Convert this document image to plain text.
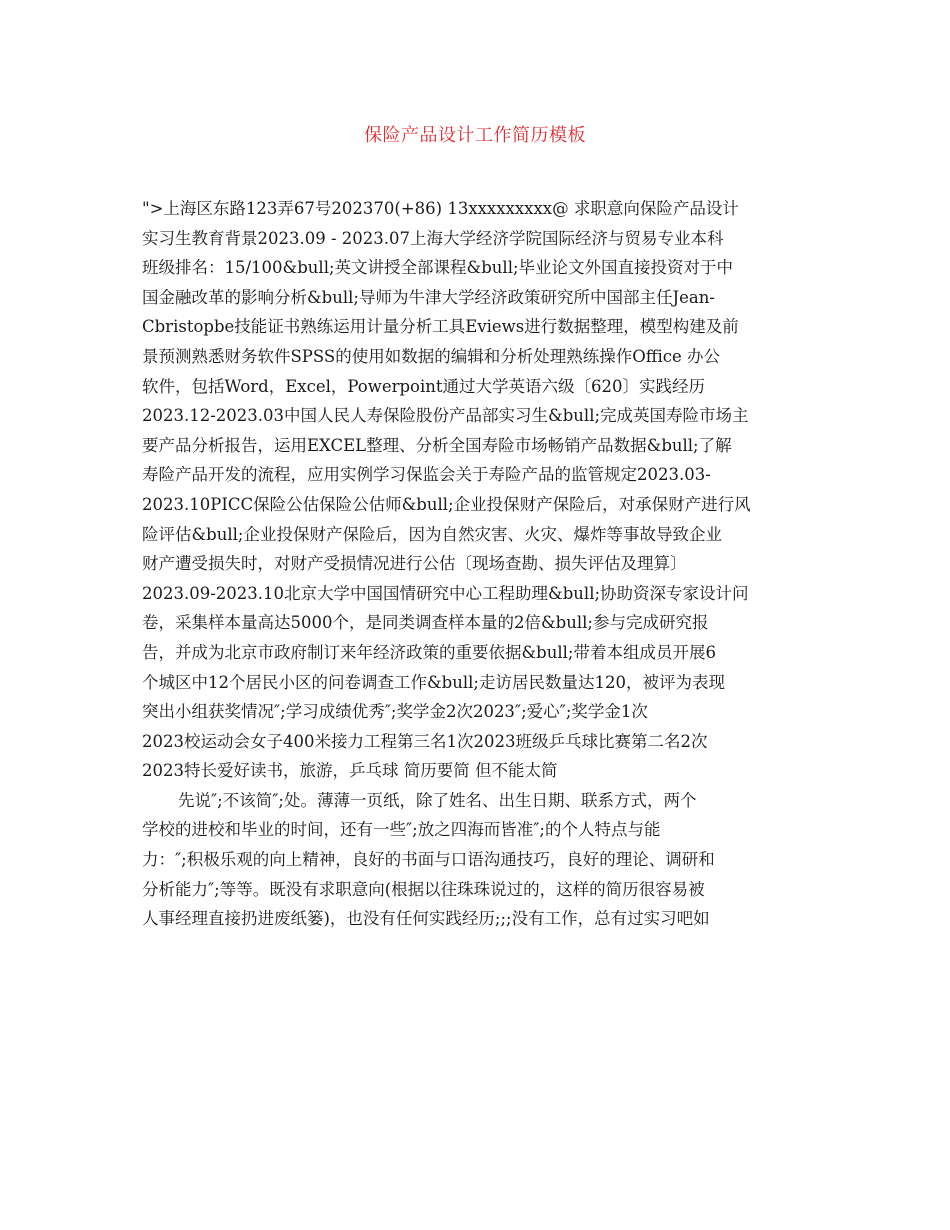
保险产品设计工作简历模板
">上海区东路123弄67号202370(+86) 13xxxxxxxxx@ 求职意向保险产品设计
实习生教育背景2023.09 - 2023.07上海大学经济学院国际经济与贸易专业本科
班级排名：15/100&bull;英文讲授全部课程&bull;毕业论文外国直接投资对于中
国金融改革的影响分析&bull;导师为牛津大学经济政策研究所中国部主任Jean-
Cbristopbe技能证书熟练运用计量分析工具Eviews进行数据整理，模型构建及前
景预测熟悉财务软件SPSS的使用如数据的编辑和分析处理熟练操作Office 办公
软件，包括Word，Excel，Powerpoint通过大学英语六级〔620〕实践经历
2023.12-2023.03中国人民人寿保险股份产品部实习生&bull;完成英国寿险市场主
要产品分析报告，运用EXCEL整理、分析全国寿险市场畅销产品数据&bull;了解
寿险产品开发的流程，应用实例学习保监会关于寿险产品的监管规定2023.03-
2023.10PICC保险公估保险公估师&bull;企业投保财产保险后，对承保财产进行风
险评估&bull;企业投保财产保险后，因为自然灾害、火灾、爆炸等事故导致企业
财产遭受损失时，对财产受损情况进行公估〔现场查勘、损失评估及理算〕
2023.09-2023.10北京大学中国国情研究中心工程助理&bull;协助资深专家设计问
卷，采集样本量高达5000个，是同类调查样本量的2倍&bull;参与完成研究报
告，并成为北京市政府制订来年经济政策的重要依据&bull;带着本组成员开展6
个城区中12个居民小区的问卷调查工作&bull;走访居民数量达120，被评为表现
突出小组获奖情况″;学习成绩优秀″;奖学金2次2023″;爱心″;奖学金1次
2023校运动会女子400米接力工程第三名1次2023班级乒乓球比赛第二名2次
2023特长爱好读书，旅游，乒乓球 简历要简 但不能太简
先说″;不该简″;处。薄薄一页纸，除了姓名、出生日期、联系方式，两个
学校的进校和毕业的时间，还有一些″;放之四海而皆准″;的个人特点与能
力：″;积极乐观的向上精神，良好的书面与口语沟通技巧，良好的理论、调研和
分析能力″;等等。既没有求职意向(根据以往珠珠说过的，这样的简历很容易被
人事经理直接扔进废纸篓)，也没有任何实践经历;;;没有工作，总有过实习吧如
